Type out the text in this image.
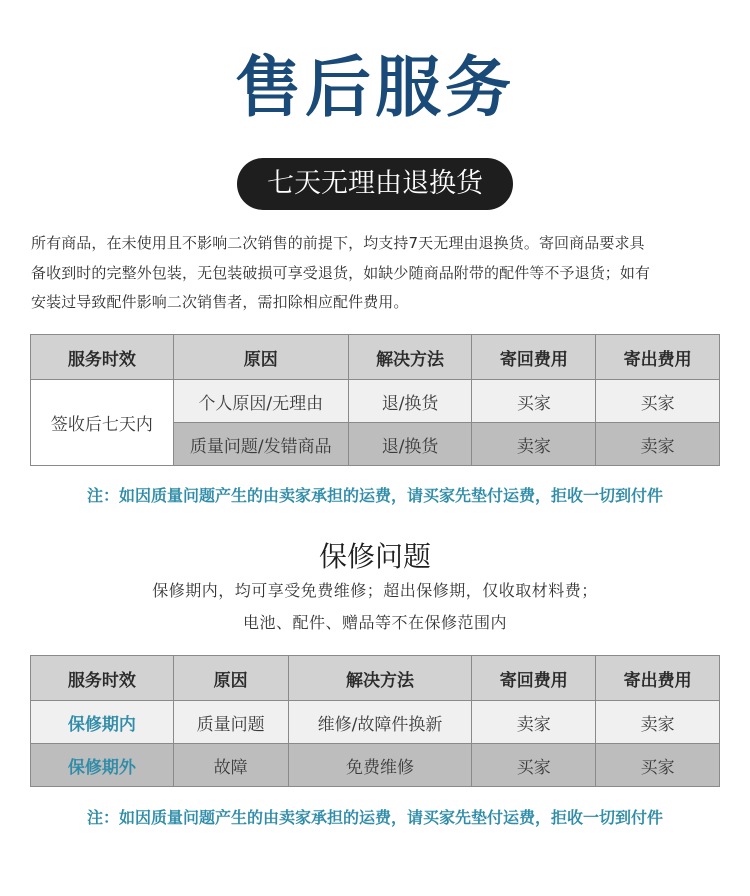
售后服务
七天无理由退换货
所有商品，在未使用且不影响二次销售的前提下，均支持7天无理由退换货。寄回商品要求具
备收到时的完整外包装，无包装破损可享受退货，如缺少随商品附带的配件等不予退货；如有
安装过导致配件影响二次销售者，需扣除相应配件费用。
服务时效	原因	解决方法	寄回费用	寄出费用
签收后七天内	个人原因/无理由	退/换货	买家	买家
	质量问题/发错商品	退/换货	卖家	卖家
注：如因质量问题产生的由卖家承担的运费，请买家先垫付运费，拒收一切到付件
保修问题
保修期内，均可享受免费维修；超出保修期，仅收取材料费；
电池、配件、赠品等不在保修范围内
服务时效	原因	解决方法	寄回费用	寄出费用
保修期内	质量问题	维修/故障件换新	卖家	卖家
保修期外	故障	免费维修	买家	买家
注：如因质量问题产生的由卖家承担的运费，请买家先垫付运费，拒收一切到付件
